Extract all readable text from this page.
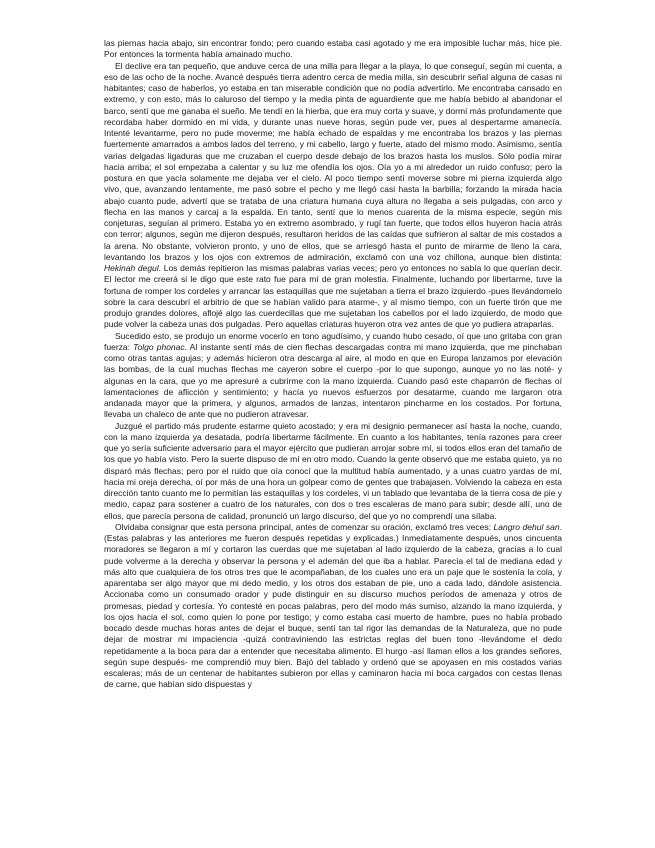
las piernas hacia abajo, sin encontrar fondo; pero cuando estaba casi agotado y me era imposible luchar más, hice pie. Por entonces la tormenta había amainado mucho.

El declive era tan pequeño, que anduve cerca de una milla para llegar a la playa, lo que conseguí, según mi cuenta, a eso de las ocho de la noche. Avancé después tierra adentro cerca de media milla, sin descubrir señal alguna de casas ni habitantes; caso de haberlos, yo estaba en tan miserable condición que no podía advertirlo. Me encontraba cansado en extremo, y con esto, más lo caluroso del tiempo y la media pinta de aguardiente que me había bebido al abandonar el barco, sentí que me ganaba el sueño. Me tendí en la hierba, que era muy corta y suave, y dormí más profundamente que recordaba haber dormido en mi vida, y durante unas nueve horas, según pude ver, pues al despertarme amanecía. Intenté levantarme, pero no pude moverme; me había echado de espaldas y me encontraba los brazos y las piernas fuertemente amarrados a ambos lados del terreno, y mi cabello, largo y fuerte, atado del mismo modo. Asimismo, sentía varias delgadas ligaduras que me cruzaban el cuerpo desde debajo de los brazos hasta los muslos. Sólo podía mirar hacia arriba; el sol empezaba a calentar y su luz me ofendía los ojos. Oía yo a mi alrededor un ruido confuso; pero la postura en que yacía solamente me dejaba ver el cielo. Al poco tiempo sentí moverse sobre mi pierna izquierda algo vivo, que, avanzando lentamente, me pasó sobre el pecho y me llegó casi hasta la barbilla; forzando la mirada hacia abajo cuanto pude, advertí que se trataba de una criatura humana cuya altura no llegaba a seis pulgadas, con arco y flecha en las manos y carcaj a la espalda. En tanto, sentí que lo menos cuarenta de la misma especie, según mis conjeturas, seguían al primero. Estaba yo en extremo asombrado, y rugí tan fuerte, que todos ellos huyeron hacia atrás con terror; algunos, según me dijeron después, resultaron heridos de las caídas que sufrieron al saltar de mis costados a la arena. No obstante, volvieron pronto, y uno de ellos, que se arriesgó hasta el punto de mirarme de lleno la cara, levantando los brazos y los ojos con extremos de admiración, exclamó con una voz chillona, aunque bien distinta: Hekinah degul. Los demás repitieron las mismas palabras varias veces; pero yo entonces no sabía lo que querían decir. El lector me creerá si le digo que este rato fue para mí de gran molestia. Finalmente, luchando por libertarme, tuve la fortuna de romper los cordeles y arrancar las estaquillas que me sujetaban a tierra el brazo izquierdo -pues llevándomelo sobre la cara descubrí el arbitrio de que se habían valido para atarme-, y al mismo tiempo, con un fuerte tirón que me produjo grandes dolores, aflojé algo las cuerdecillas que me sujetaban los cabellos por el lado izquierdo, de modo que pude volver la cabeza unas dos pulgadas. Pero aquellas criaturas huyeron otra vez antes de que yo pudiera atraparlas.

Sucedido esto, se produjo un enorme vocerío en tono agudísimo, y cuando hubo cesado, oí que uno gritaba con gran fuerza: Tolgo phonac. Al instante sentí más de cien flechas descargadas contra mi mano izquierda, que me pinchaban como otras tantas agujas; y además hicieron otra descarga al aire, al modo en que en Europa lanzamos por elevación las bombas, de la cual muchas flechas me cayeron sobre el cuerpo -por lo que supongo, aunque yo no las noté- y algunas en la cara, que yo me apresuré a cubrirme con la mano izquierda. Cuando pasó este chaparrón de flechas oí lamentaciones de aflicción y sentimiento; y hacía yo nuevos esfuerzos por desatarme, cuando me largaron otra andanada mayor que la primera, y algunos, armados de lanzas, intentaron pincharme en los costados. Por fortuna, llevaba un chaleco de ante que no pudieron atravesar.

Juzgué el partido más prudente estarme quieto acostado; y era mi designio permanecer así hasta la noche, cuando, con la mano izquierda ya desatada, podría libertarme fácilmente. En cuanto a los habitantes, tenía razones para creer que yo sería suficiente adversario para el mayor ejército que pudieran arrojar sobre mí, si todos ellos eran del tamaño de los que yo había visto. Pero la suerte dispuso de mí en otro modo. Cuando la gente observó que me estaba quieto, ya no disparó más flechas; pero por el ruido que oía conocí que la multitud había aumentado, y a unas cuatro yardas de mí, hacia mi oreja derecha, oí por más de una hora un golpear como de gentes que trabajasen. Volviendo la cabeza en esta dirección tanto cuanto me lo permitían las estaquillas y los cordeles, vi un tablado que levantaba de la tierra cosa de pie y medio, capaz para sostener a cuatro de los naturales, con dos o tres escaleras de mano para subir; desde allí, uno de ellos, que parecía persona de calidad, pronunció un largo discurso, del que yo no comprendí una sílaba.

Olvidaba consignar que esta persona principal, antes de comenzar su oración, exclamó tres veces: Langro dehul san. (Estas palabras y las anteriores me fueron después repetidas y explicadas.) Inmediatamente después, unos cincuenta moradores se llegaron a mí y cortaron las cuerdas que me sujetaban al lado izquierdo de la cabeza, gracias a lo cual pude volverme a la derecha y observar la persona y el ademán del que iba a hablar. Parecía el tal de mediana edad y más alto que cualquiera de los otros tres que le acompañaban, de los cuales uno era un paje que le sostenía la cola, y aparentaba ser algo mayor que mi dedo medio, y los otros dos estaban de pie, uno a cada lado, dándole asistencia. Accionaba como un consumado orador y pude distinguir en su discurso muchos períodos de amenaza y otros de promesas, piedad y cortesía. Yo contesté en pocas palabras, pero del modo más sumiso, alzando la mano izquierda, y los ojos hacia el sol, como quien lo pone por testigo; y como estaba casi muerto de hambre, pues no había probado bocado desde muchas horas antes de dejar el buque, sentí tan tal rigor las demandas de la Naturaleza, que no pude dejar de mostrar mi impaciencia -quizá contraviniendo las estrictas reglas del buen tono -llevándome el dedo repetidamente a la boca para dar a entender que necesitaba alimento. El hurgo -así llaman ellos a los grandes señores, según supe después- me comprendió muy bien. Bajó del tablado y ordenó que se apoyasen en mis costados varias escaleras; más de un centenar de habitantes subieron por ellas y caminaron hacia mi boca cargados con cestas llenas de carne, que habían sido dispuestas y
